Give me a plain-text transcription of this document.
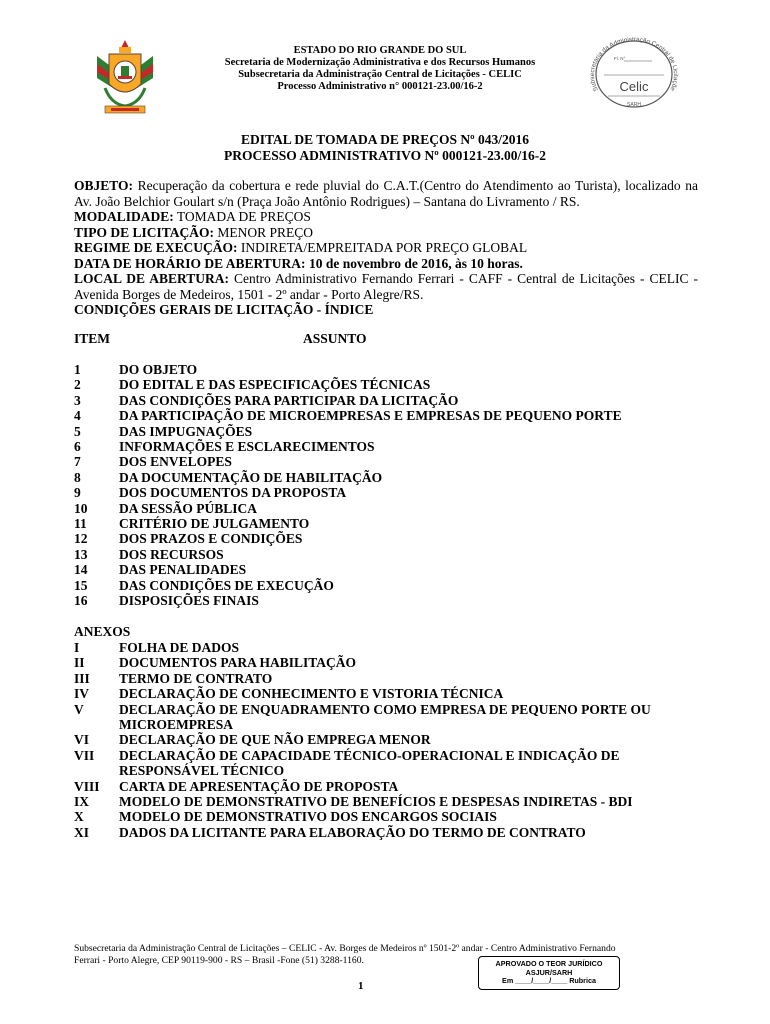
ESTADO DO RIO GRANDE DO SUL
Secretaria de Modernização Administrativa e dos Recursos Humanos
Subsecretaria da Administração Central de Licitações - CELIC
Processo Administrativo n° 000121-23.00/16-2	Subsecretaria da Administração Central de Licitaçõe
Fl. N°
Celic
SARH
EDITAL DE TOMADA DE PREÇOS Nº 043/2016
PROCESSO ADMINISTRATIVO Nº 000121-23.00/16-2
OBJETO: Recuperação da cobertura e rede pluvial do C.A.T.(Centro do Atendimento ao Turista), localizado na Av. João Belchior Goulart s/n (Praça João Antônio Rodrigues) – Santana do Livramento / RS.
MODALIDADE: TOMADA DE PREÇOS
TIPO DE LICITAÇÃO: MENOR PREÇO
REGIME DE EXECUÇÃO: INDIRETA/EMPREITADA POR PREÇO GLOBAL
DATA DE HORÁRIO DE ABERTURA: 10 de novembro de 2016, às 10 horas.
LOCAL DE ABERTURA: Centro Administrativo Fernando Ferrari - CAFF - Central de Licitações - CELIC - Avenida Borges de Medeiros, 1501 - 2º andar - Porto Alegre/RS.
CONDIÇÕES GERAIS DE LICITAÇÃO - ÍNDICE
ITEM	ASSUNTO
1	DO OBJETO
2	DO EDITAL E DAS ESPECIFICAÇÕES TÉCNICAS
3	DAS CONDIÇÕES PARA PARTICIPAR DA LICITAÇÃO
4	DA PARTICIPAÇÃO DE MICROEMPRESAS E EMPRESAS DE PEQUENO PORTE
5	DAS IMPUGNAÇÕES
6	INFORMAÇÕES E ESCLARECIMENTOS
7	DOS ENVELOPES
8	DA DOCUMENTAÇÃO DE HABILITAÇÃO
9	DOS DOCUMENTOS DA PROPOSTA
10 DA SESSÃO PÚBLICA
11 CRITÉRIO DE JULGAMENTO
12 DOS PRAZOS E CONDIÇÕES
13 DOS RECURSOS
14 DAS PENALIDADES
15 DAS CONDIÇÕES DE EXECUÇÃO
16 DISPOSIÇÕES FINAIS
ANEXOS
I	FOLHA DE DADOS
II	DOCUMENTOS PARA HABILITAÇÃO
III TERMO DE CONTRATO
IV DECLARAÇÃO DE CONHECIMENTO E VISTORIA TÉCNICA
V	DECLARAÇÃO DE ENQUADRAMENTO COMO EMPRESA DE PEQUENO PORTE OU
MICROEMPRESA
VI DECLARAÇÃO DE QUE NÃO EMPREGA MENOR
VII DECLARAÇÃO DE CAPACIDADE TÉCNICO-OPERACIONAL E INDICAÇÃO DE
RESPONSÁVEL TÉCNICO
VIII CARTA DE APRESENTAÇÃO DE PROPOSTA
IX MODELO DE DEMONSTRATIVO DE BENEFÍCIOS E DESPESAS INDIRETAS - BDI
X	MODELO DE DEMONSTRATIVO DOS ENCARGOS SOCIAIS
XI DADOS DA LICITANTE PARA ELABORAÇÃO DO TERMO DE CONTRATO
Subsecretaria da Administração Central de Licitações – CELIC - Av. Borges de Medeiros nº 1501-2º andar - Centro Administrativo Fernando
Ferrari - Porto Alegre, CEP 90119-900 - RS – Brasil -Fone (51) 3288-1160.
1
APROVADO O TEOR JURÍDICO
ASJUR/SARH
Em ____/____/____ Rubrica
